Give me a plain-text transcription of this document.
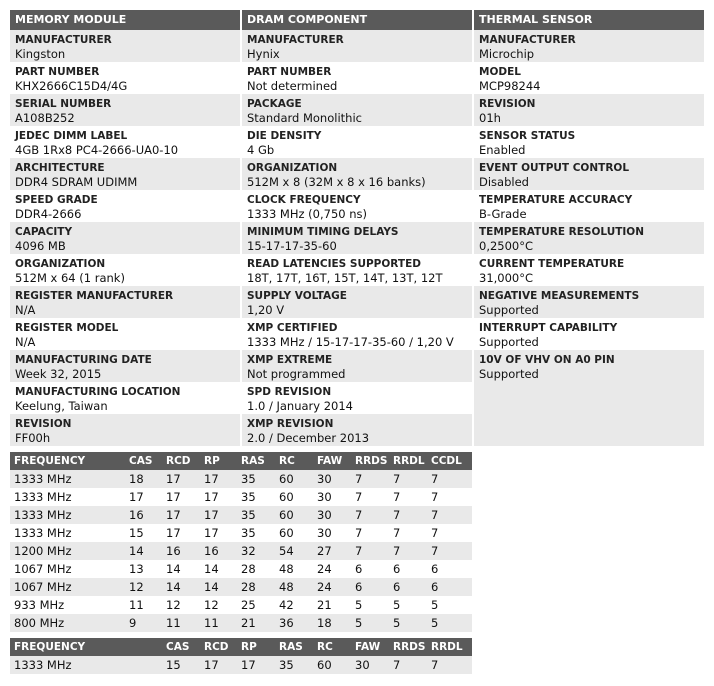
MEMORY MODULE
MANUFACTURER
Kingston
PART NUMBER
KHX2666C15D4/4G
SERIAL NUMBER
A108B252
JEDEC DIMM LABEL
4GB 1Rx8 PC4-2666-UA0-10
ARCHITECTURE
DDR4 SDRAM UDIMM
SPEED GRADE
DDR4-2666
CAPACITY
4096 MB
ORGANIZATION
512M x 64 (1 rank)
REGISTER MANUFACTURER
N/A
REGISTER MODEL
N/A
MANUFACTURING DATE
Week 32, 2015
MANUFACTURING LOCATION
Keelung, Taiwan
REVISION
FF00h
DRAM COMPONENT
MANUFACTURER
Hynix
PART NUMBER
Not determined
PACKAGE
Standard Monolithic
DIE DENSITY
4 Gb
ORGANIZATION
512M x 8 (32M x 8 x 16 banks)
CLOCK FREQUENCY
1333 MHz (0,750 ns)
MINIMUM TIMING DELAYS
15-17-17-35-60
READ LATENCIES SUPPORTED
18T, 17T, 16T, 15T, 14T, 13T, 12T
SUPPLY VOLTAGE
1,20 V
XMP CERTIFIED
1333 MHz / 15-17-17-35-60 / 1,20 V
XMP EXTREME
Not programmed
SPD REVISION
1.0 / January 2014
XMP REVISION
2.0 / December 2013
THERMAL SENSOR
MANUFACTURER
Microchip
MODEL
MCP98244
REVISION
01h
SENSOR STATUS
Enabled
EVENT OUTPUT CONTROL
Disabled
TEMPERATURE ACCURACY
B-Grade
TEMPERATURE RESOLUTION
0,2500°C
CURRENT TEMPERATURE
31,000°C
NEGATIVE MEASUREMENTS
Supported
INTERRUPT CAPABILITY
Supported
10V OF VHV ON A0 PIN
Supported
FREQUENCY	CAS	RCD	RP	RAS	RC	FAW	RRDS	RRDL	CCDL
1333 MHz	18	17	17	35	60	30	7	7	7
1333 MHz	17	17	17	35	60	30	7	7	7
1333 MHz	16	17	17	35	60	30	7	7	7
1333 MHz	15	17	17	35	60	30	7	7	7
1200 MHz	14	16	16	32	54	27	7	7	7
1067 MHz	13	14	14	28	48	24	6	6	6
1067 MHz	12	14	14	28	48	24	6	6	6
933 MHz	11	12	12	25	42	21	5	5	5
800 MHz	9	11	11	21	36	18	5	5	5
FREQUENCY	CAS	RCD	RP	RAS	RC	FAW	RRDS	RRDL
1333 MHz	15	17	17	35	60	30	7	7
